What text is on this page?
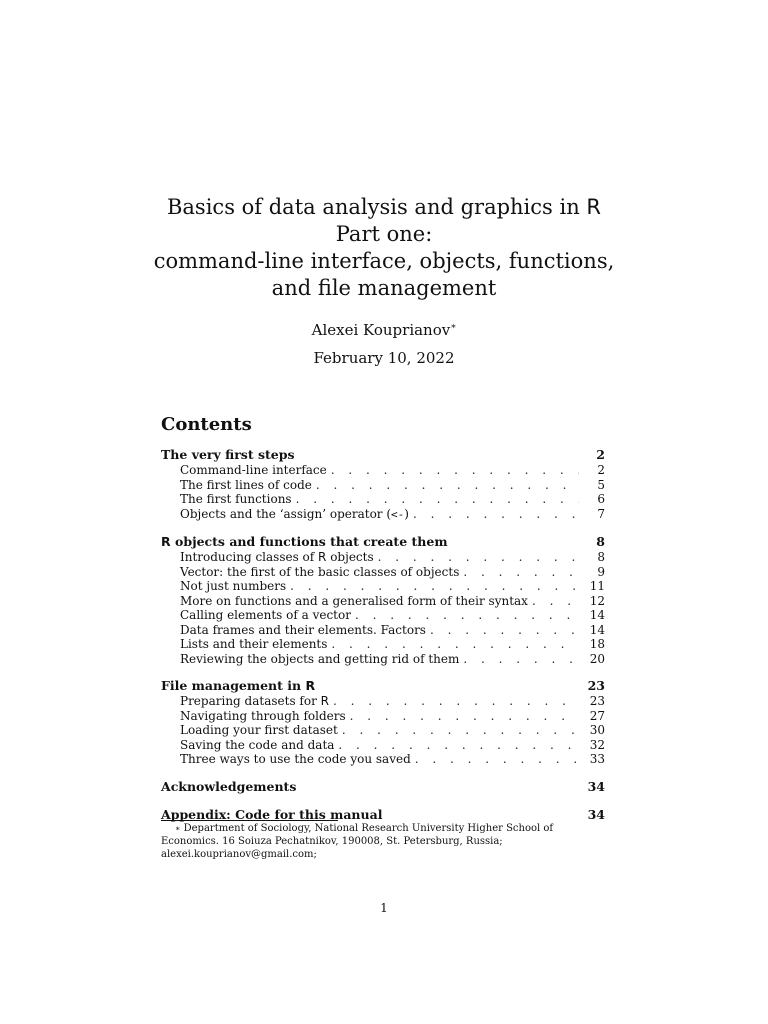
Basics of data analysis and graphics in R

Part one:

command-line interface, objects, functions,

and file management

Alexei Kouprianov∗
February 10, 2022
Contents
The very first steps	2
Command-line interface . . .	2
The first lines of code . . .	5
The first functions . . .	6
Objects and the ‘assign’ operator (<-) . . .	7
R objects and functions that create them	8
Introducing classes of R objects . . .	8
Vector: the first of the basic classes of objects . . .	9
Not just numbers . . .	11
More on functions and a generalised form of their syntax . . .	12
Calling elements of a vector . . .	14
Data frames and their elements. Factors . . .	14
Lists and their elements . . .	18
Reviewing the objects and getting rid of them . . .	20
File management in R	23
Preparing datasets for R . . .	23
Navigating through folders . . .	27
Loading your first dataset . . .	30
Saving the code and data . . .	32
Three ways to use the code you saved . . .	33
Acknowledgements	34
Appendix: Code for this manual	34
∗ Department of Sociology, National Research University Higher School of Economics. 16 Soiuza Pechatnikov, 190008, St. Petersburg, Russia; alexei.kouprianov@gmail.com;
1
